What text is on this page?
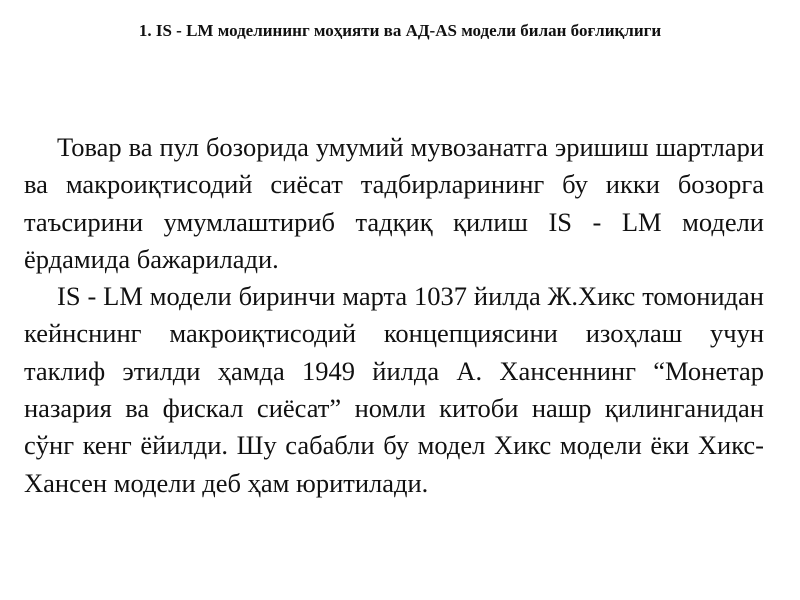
1. IS - LM моделининг моҳияти ва АД-AS модели билан боғлиқлиги

Товар ва пул бозорида умумий мувозанатга эришиш шартлари ва макроиқтисодий сиёсат тадбирларининг бу икки бозорга таъсирини умумлаштириб тадқиқ қилиш IS - LM модели ёрдамида бажарилади.

IS - LM модели биринчи марта 1037 йилда Ж.Хикс томонидан кейнснинг макроиқтисодий концепциясини изоҳлаш учун таклиф этилди ҳамда 1949 йилда А. Хансеннинг “Монетар назария ва фискал сиёсат” номли китоби нашр қилинганидан сўнг кенг ёйилди. Шу сабабли бу модел Хикс модели ёки Хикс-Хансен модели деб ҳам юритилади.
